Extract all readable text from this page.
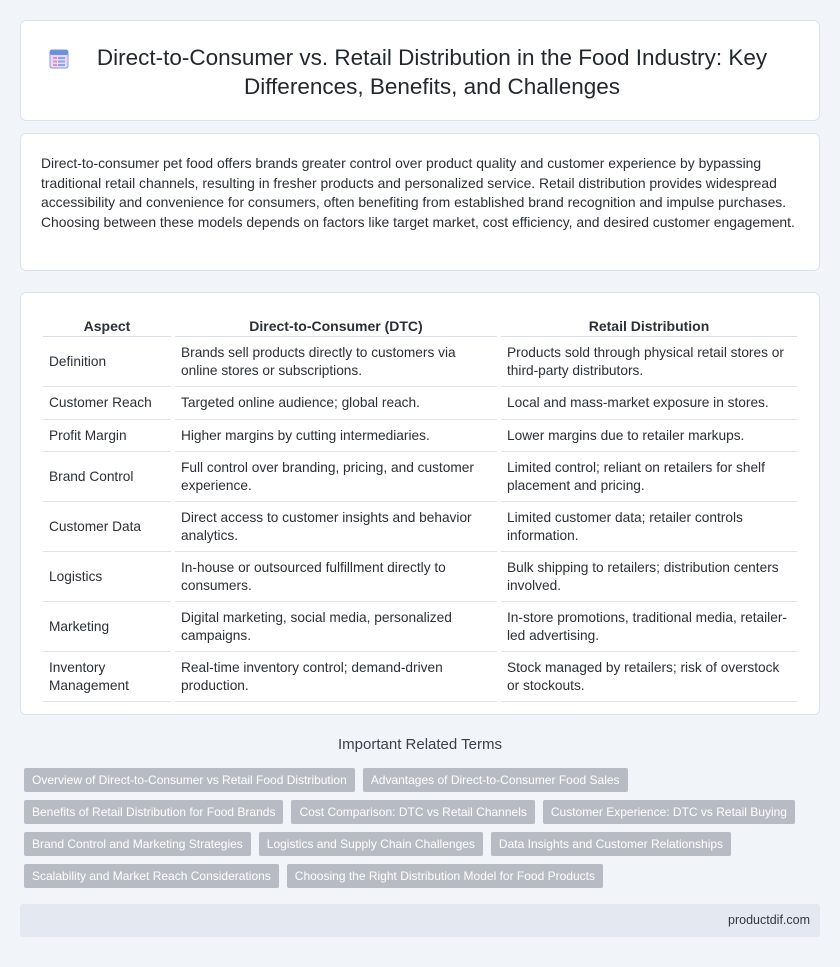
Direct-to-Consumer vs. Retail Distribution in the Food Industry: Key Differences, Benefits, and Challenges

Direct-to-consumer pet food offers brands greater control over product quality and customer experience by bypassing traditional retail channels, resulting in fresher products and personalized service. Retail distribution provides widespread accessibility and convenience for consumers, often benefiting from established brand recognition and impulse purchases. Choosing between these models depends on factors like target market, cost efficiency, and desired customer engagement.

Aspect	Direct-to-Consumer (DTC)	Retail Distribution
Definition	Brands sell products directly to customers via online stores or subscriptions.	Products sold through physical retail stores or third-party distributors.
Customer Reach	Targeted online audience; global reach.	Local and mass-market exposure in stores.
Profit Margin	Higher margins by cutting intermediaries.	Lower margins due to retailer markups.
Brand Control	Full control over branding, pricing, and customer experience.	Limited control; reliant on retailers for shelf placement and pricing.
Customer Data	Direct access to customer insights and behavior analytics.	Limited customer data; retailer controls information.
Logistics	In-house or outsourced fulfillment directly to consumers.	Bulk shipping to retailers; distribution centers involved.
Marketing	Digital marketing, social media, personalized campaigns.	In-store promotions, traditional media, retailer-led advertising.
Inventory Management	Real-time inventory control; demand-driven production.	Stock managed by retailers; risk of overstock or stockouts.
Important Related Terms
Overview of Direct-to-Consumer vs Retail Food Distribution	Advantages of Direct-to-Consumer Food Sales
Benefits of Retail Distribution for Food Brands	Cost Comparison: DTC vs Retail Channels	Customer Experience: DTC vs Retail Buying
Brand Control and Marketing Strategies	Logistics and Supply Chain Challenges	Data Insights and Customer Relationships
Scalability and Market Reach Considerations	Choosing the Right Distribution Model for Food Products
productdif.com
